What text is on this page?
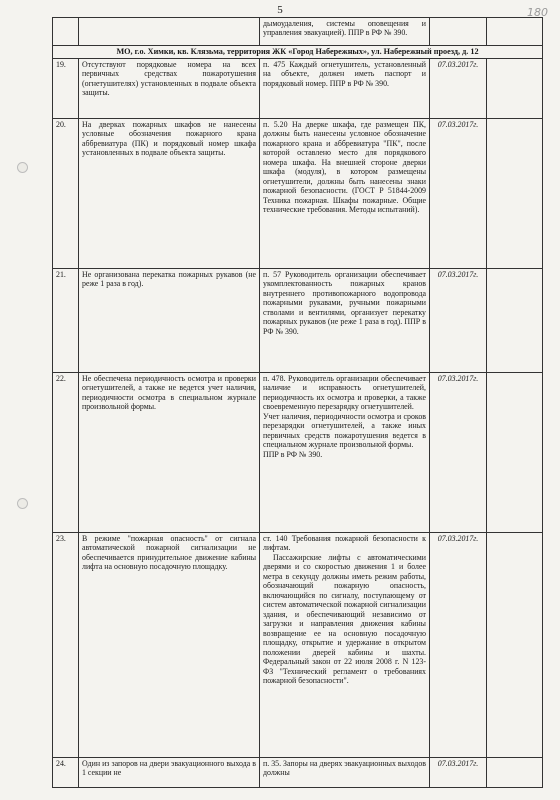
5	180
		дымоудаления, системы оповещения и управления эвакуацией). ППР в РФ № 390.		
МО, г.о. Химки, кв. Клязьма, территория ЖК «Город Набережных», ул. Набережный проезд, д. 12				
19.	Отсутствуют порядковые номера на всех первичных средствах пожаротушения (огнетушителях) установленных в подвале объекта защиты.	п. 475 Каждый огнетушитель, установленный на объекте, должен иметь паспорт и порядковый номер. ППР в РФ № 390.	07.03.2017г.	
20.	На дверках пожарных шкафов не нанесены условные обозначения пожарного крана аббревиатура (ПК) и порядковый номер шкафа установленных в подвале объекта защиты.	п. 5.20 На дверке шкафа, где размещен ПК, должны быть нанесены условное обозначение пожарного крана и аббревиатура "ПК", после которой оставлено место для порядкового номера шкафа. На внешней стороне дверки шкафа (модуля), в котором размещены огнетушители, должны быть нанесены знаки пожарной безопасности. (ГОСТ Р 51844-2009 Техника пожарная. Шкафы пожарные. Общие технические требования. Методы испытаний).	07.03.2017г.	
21.	Не организована перекатка пожарных рукавов (не реже 1 раза в год).	п. 57 Руководитель организации обеспечивает укомплектованность пожарных кранов внутреннего противопожарного водопровода пожарными рукавами, ручными пожарными стволами и вентилями, организует перекатку пожарных рукавов (не реже 1 раза в год). ППР в РФ № 390.	07.03.2017г.	
22.	Не обеспечена периодичность осмотра и проверки огнетушителей, а также не ведется учет наличия, периодичности осмотра в специальном журнале произвольной формы.	п. 478. Руководитель организации обеспечивает наличие и исправность огнетушителей, периодичность их осмотра и проверки, а также своевременную перезарядку огнетушителей.

Учет наличия, периодичности осмотра и сроков перезарядки огнетушителей, а также иных первичных средств пожаротушения ведется в специальном журнале произвольной формы.

ППР в РФ № 390.	07.03.2017г.	
23.	В режиме "пожарная опасность" от сигнала автоматической пожарной сигнализации не обеспечивается принудительное движение кабины лифта на основную посадочную площадку.	ст. 140 Требования пожарной безопасности к лифтам.

Пассажирские лифты с автоматическими дверями и со скоростью движения 1 и более метра в секунду должны иметь режим работы, обозначающий пожарную опасность, включающийся по сигналу, поступающему от систем автоматической пожарной сигнализации здания, и обеспечивающий независимо от загрузки и направления движения кабины возвращение ее на основную посадочную площадку, открытие и удержание в открытом положении дверей кабины и шахты. Федеральный закон от 22 июля 2008 г. N 123-ФЗ "Технический регламент о требованиях пожарной безопасности".	07.03.2017г.	
24.	Один из запоров на двери эвакуационного выхода в 1 секции не	п. 35. Запоры на дверях эвакуационных выходов должны	07.03.2017г.	
